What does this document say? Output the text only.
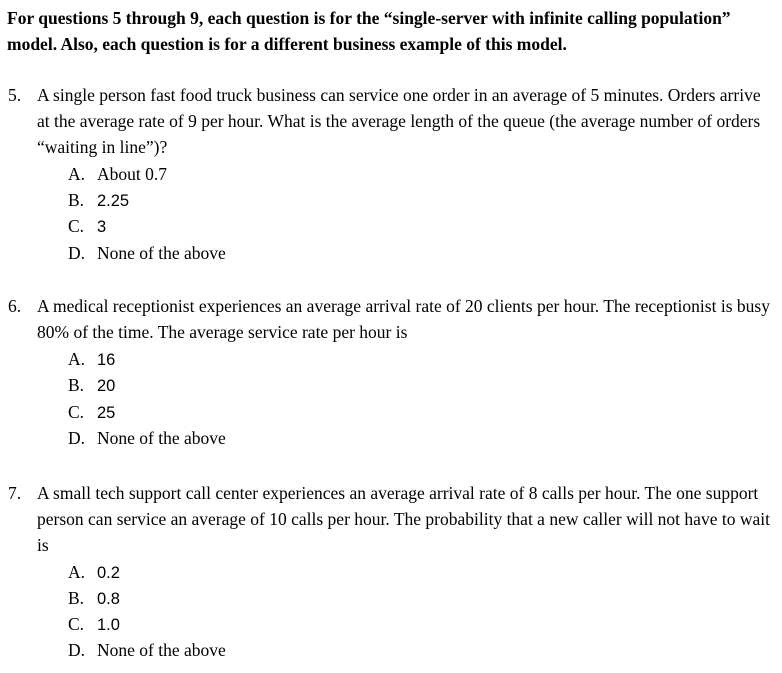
For questions 5 through 9, each question is for the “single-server with infinite calling population” model. Also, each question is for a different business example of this model.

5. A single person fast food truck business can service one order in an average of 5 minutes. Orders arrive at the average rate of 9 per hour. What is the average length of the queue (the average number of orders “waiting in line”)?

A. About 0.7
B. 2.25
C. 3
D. None of the above
6. A medical receptionist experiences an average arrival rate of 20 clients per hour. The receptionist is busy 80% of the time. The average service rate per hour is

A. 16
B. 20
C. 25
D. None of the above
7. A small tech support call center experiences an average arrival rate of 8 calls per hour. The one support person can service an average of 10 calls per hour. The probability that a new caller will not have to wait is

A. 0.2
B. 0.8
C. 1.0
D. None of the above
